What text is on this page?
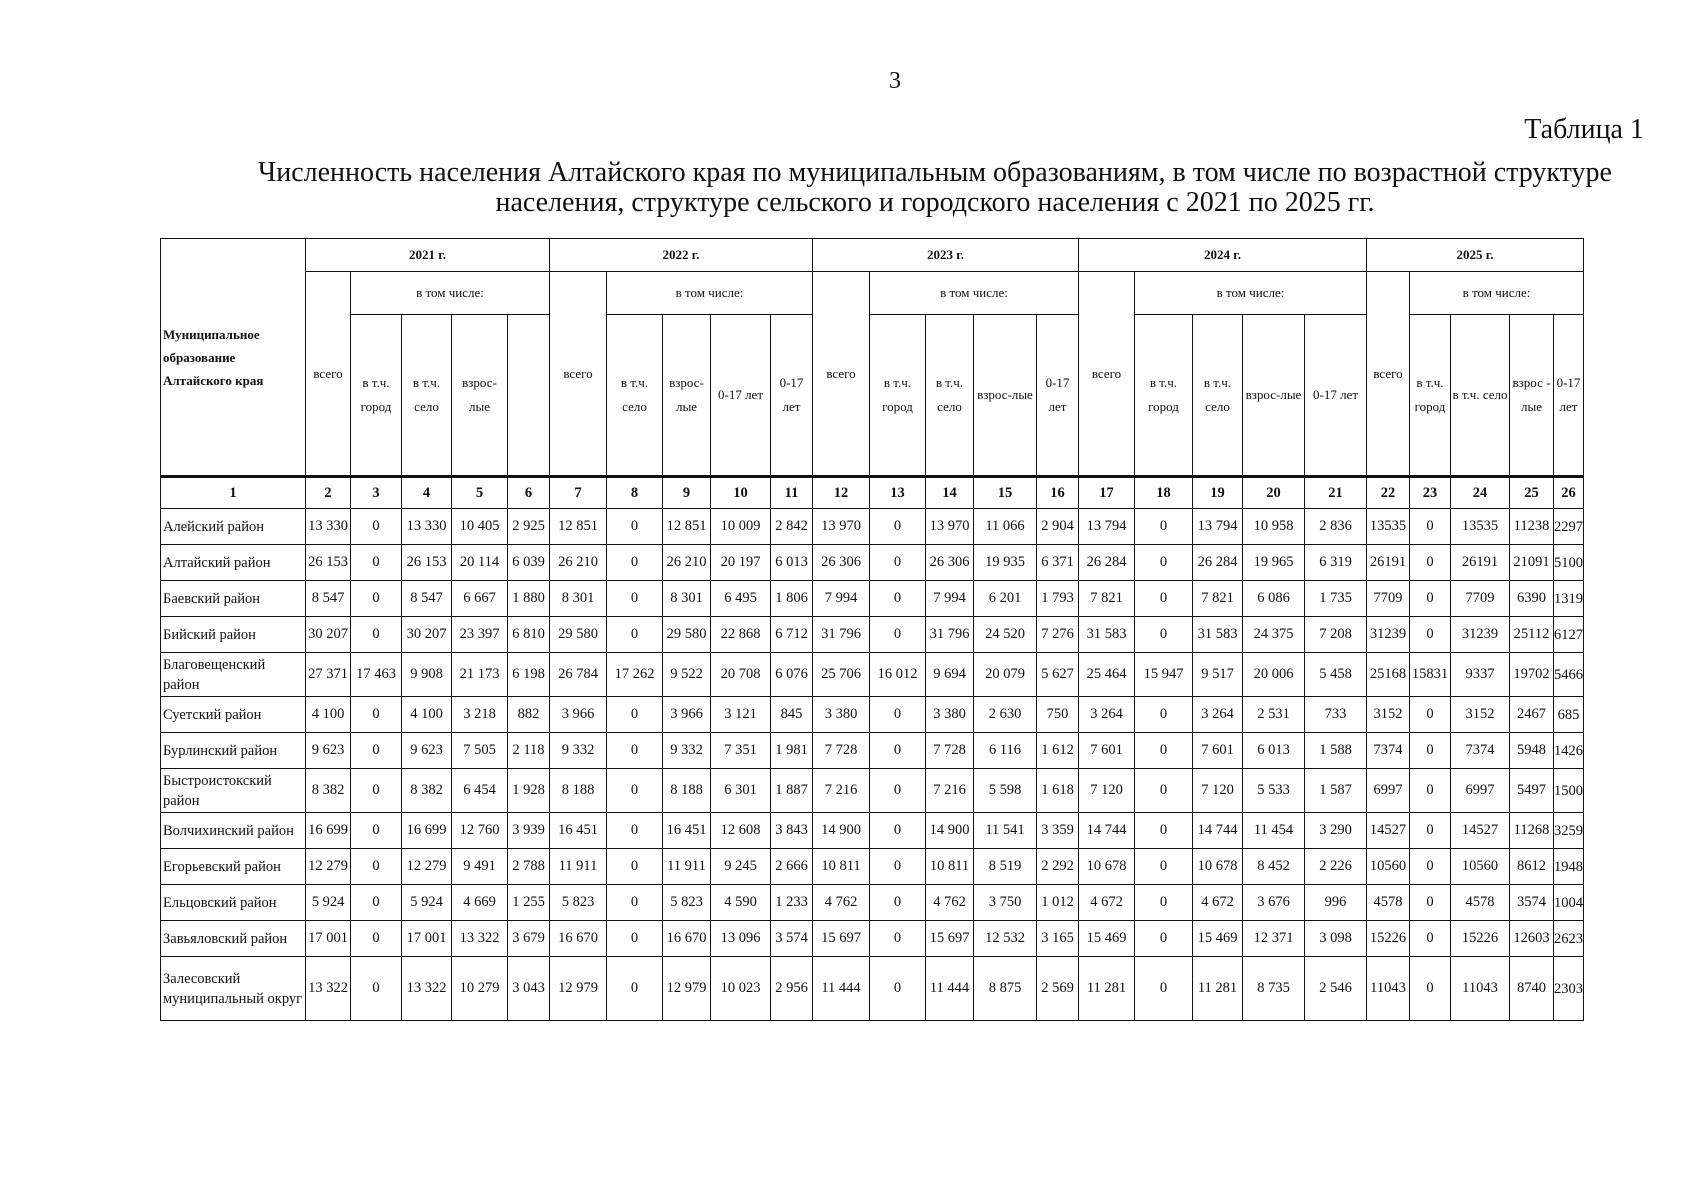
3
Таблица 1
Численность населения Алтайского края по муниципальным образованиям, в том числе по возрастной структуре
населения, структуре сельского и городского населения с 2021 по 2025 гг.
Муниципальное образование Алтайского края	2021 г.					2022 г.					2023 г.					2024 г.					2025 г.				
	всего	в том числе:				всего	в том числе:				всего	в том числе:				всего	в том числе:				всего	в том числе:			
		в т.ч. город	в т.ч. село	взрос-лые			в т.ч. село	взрос-лые	0-17 лет	0-17 лет		в т.ч. город	в т.ч. село	взрос-лые	0-17 лет		в т.ч. город	в т.ч. село	взрос-лые	0-17 лет		в т.ч. город	в т.ч. село	взрос - лые	0-17 лет
1	2	3	4	5	6	7	8	9	10	11	12	13	14	15	16	17	18	19	20	21	22	23	24	25	26
Алейский район	13 330	0	13 330	10 405	2 925	12 851	0	12 851	10 009	2 842	13 970	0	13 970	11 066	2 904	13 794	0	13 794	10 958	2 836	13535	0	13535	11238	2297
Алтайский район	26 153	0	26 153	20 114	6 039	26 210	0	26 210	20 197	6 013	26 306	0	26 306	19 935	6 371	26 284	0	26 284	19 965	6 319	26191	0	26191	21091	5100
Баевский район	8 547	0	8 547	6 667	1 880	8 301	0	8 301	6 495	1 806	7 994	0	7 994	6 201	1 793	7 821	0	7 821	6 086	1 735	7709	0	7709	6390	1319
Бийский район	30 207	0	30 207	23 397	6 810	29 580	0	29 580	22 868	6 712	31 796	0	31 796	24 520	7 276	31 583	0	31 583	24 375	7 208	31239	0	31239	25112	6127
Благовещенский район	27 371	17 463	9 908	21 173	6 198	26 784	17 262	9 522	20 708	6 076	25 706	16 012	9 694	20 079	5 627	25 464	15 947	9 517	20 006	5 458	25168	15831	9337	19702	5466
Суетский район	4 100	0	4 100	3 218	882	3 966	0	3 966	3 121	845	3 380	0	3 380	2 630	750	3 264	0	3 264	2 531	733	3152	0	3152	2467	685
Бурлинский район	9 623	0	9 623	7 505	2 118	9 332	0	9 332	7 351	1 981	7 728	0	7 728	6 116	1 612	7 601	0	7 601	6 013	1 588	7374	0	7374	5948	1426
Быстроистокский район	8 382	0	8 382	6 454	1 928	8 188	0	8 188	6 301	1 887	7 216	0	7 216	5 598	1 618	7 120	0	7 120	5 533	1 587	6997	0	6997	5497	1500
Волчихинский район	16 699	0	16 699	12 760	3 939	16 451	0	16 451	12 608	3 843	14 900	0	14 900	11 541	3 359	14 744	0	14 744	11 454	3 290	14527	0	14527	11268	3259
Егорьевский район	12 279	0	12 279	9 491	2 788	11 911	0	11 911	9 245	2 666	10 811	0	10 811	8 519	2 292	10 678	0	10 678	8 452	2 226	10560	0	10560	8612	1948
Ельцовский район	5 924	0	5 924	4 669	1 255	5 823	0	5 823	4 590	1 233	4 762	0	4 762	3 750	1 012	4 672	0	4 672	3 676	996	4578	0	4578	3574	1004
Завьяловский район	17 001	0	17 001	13 322	3 679	16 670	0	16 670	13 096	3 574	15 697	0	15 697	12 532	3 165	15 469	0	15 469	12 371	3 098	15226	0	15226	12603	2623
Залесовский муниципальный округ	13 322	0	13 322	10 279	3 043	12 979	0	12 979	10 023	2 956	11 444	0	11 444	8 875	2 569	11 281	0	11 281	8 735	2 546	11043	0	11043	8740	2303
